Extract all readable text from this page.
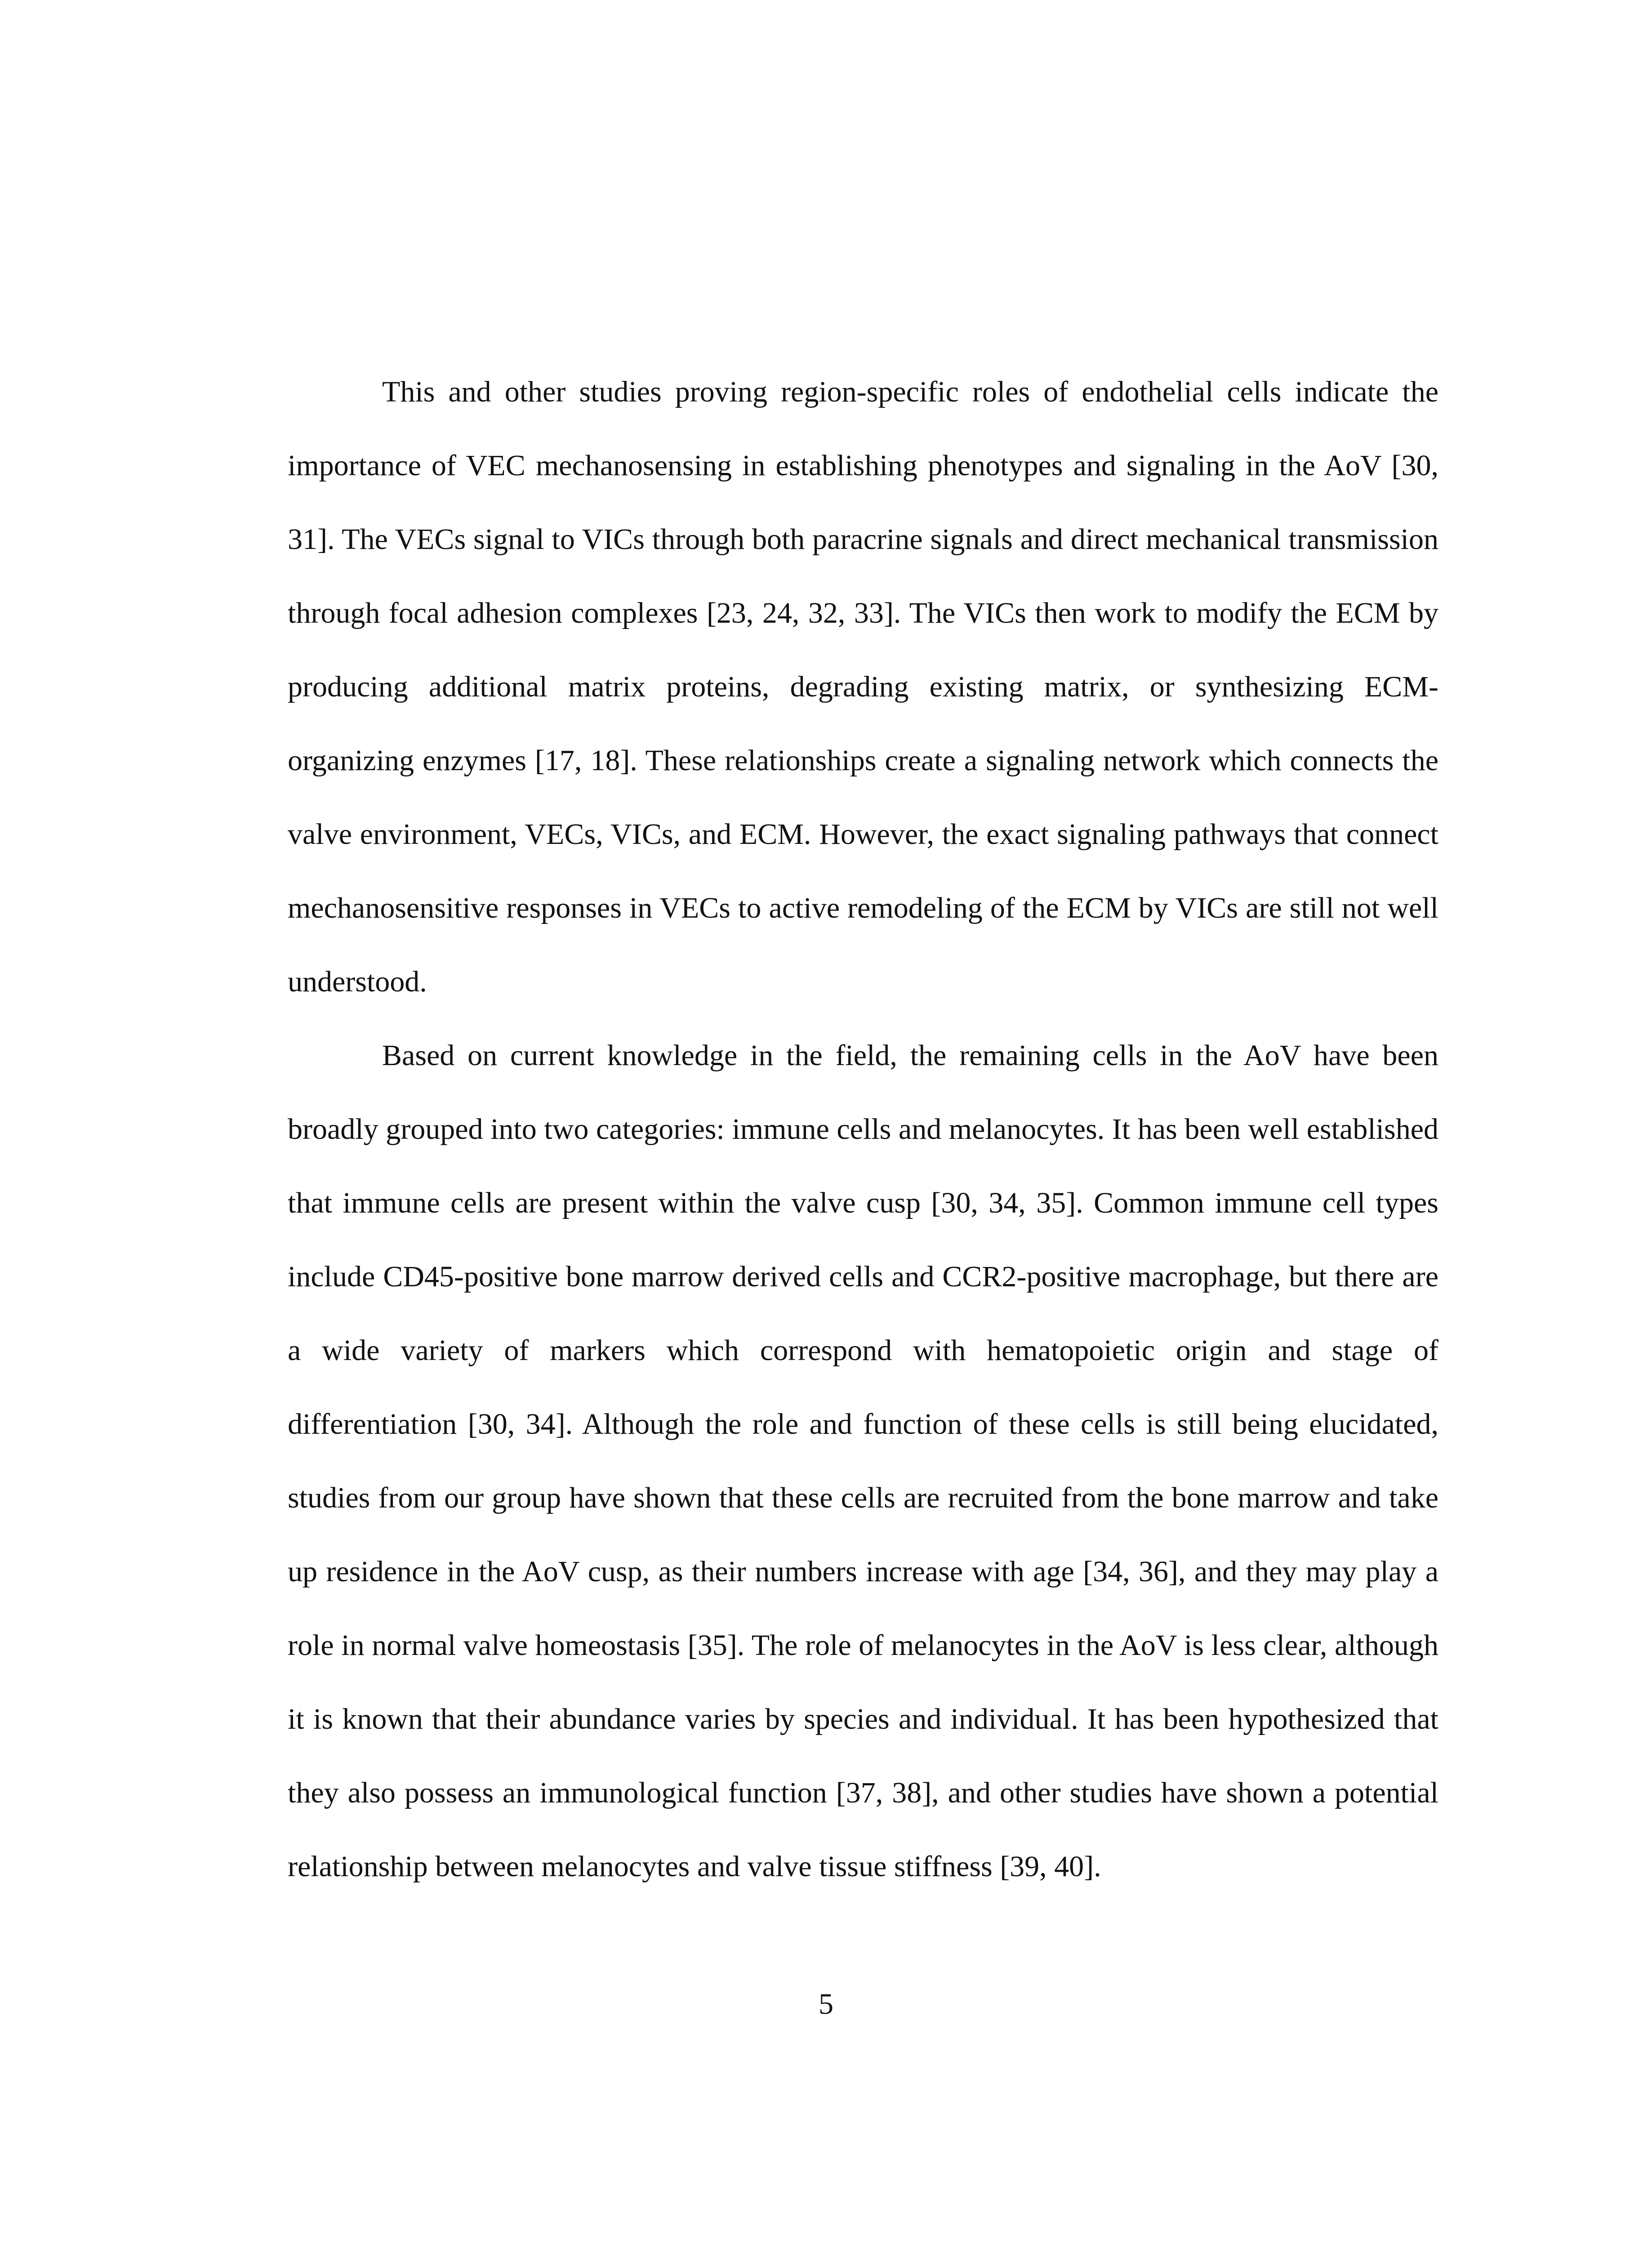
This and other studies proving region-specific roles of endothelial cells indicate the importance of VEC mechanosensing in establishing phenotypes and signaling in the AoV [30, 31]. The VECs signal to VICs through both paracrine signals and direct mechanical transmission through focal adhesion complexes [23, 24, 32, 33]. The VICs then work to modify the ECM by producing additional matrix proteins, degrading existing matrix, or synthesizing ECM-organizing enzymes [17, 18]. These relationships create a signaling network which connects the valve environment, VECs, VICs, and ECM. However, the exact signaling pathways that connect mechanosensitive responses in VECs to active remodeling of the ECM by VICs are still not well understood.

Based on current knowledge in the field, the remaining cells in the AoV have been broadly grouped into two categories: immune cells and melanocytes. It has been well established that immune cells are present within the valve cusp [30, 34, 35]. Common immune cell types include CD45-positive bone marrow derived cells and CCR2-positive macrophage, but there are a wide variety of markers which correspond with hematopoietic origin and stage of differentiation [30, 34]. Although the role and function of these cells is still being elucidated, studies from our group have shown that these cells are recruited from the bone marrow and take up residence in the AoV cusp, as their numbers increase with age [34, 36], and they may play a role in normal valve homeostasis [35]. The role of melanocytes in the AoV is less clear, although it is known that their abundance varies by species and individual. It has been hypothesized that they also possess an immunological function [37, 38], and other studies have shown a potential relationship between melanocytes and valve tissue stiffness [39, 40].

5
